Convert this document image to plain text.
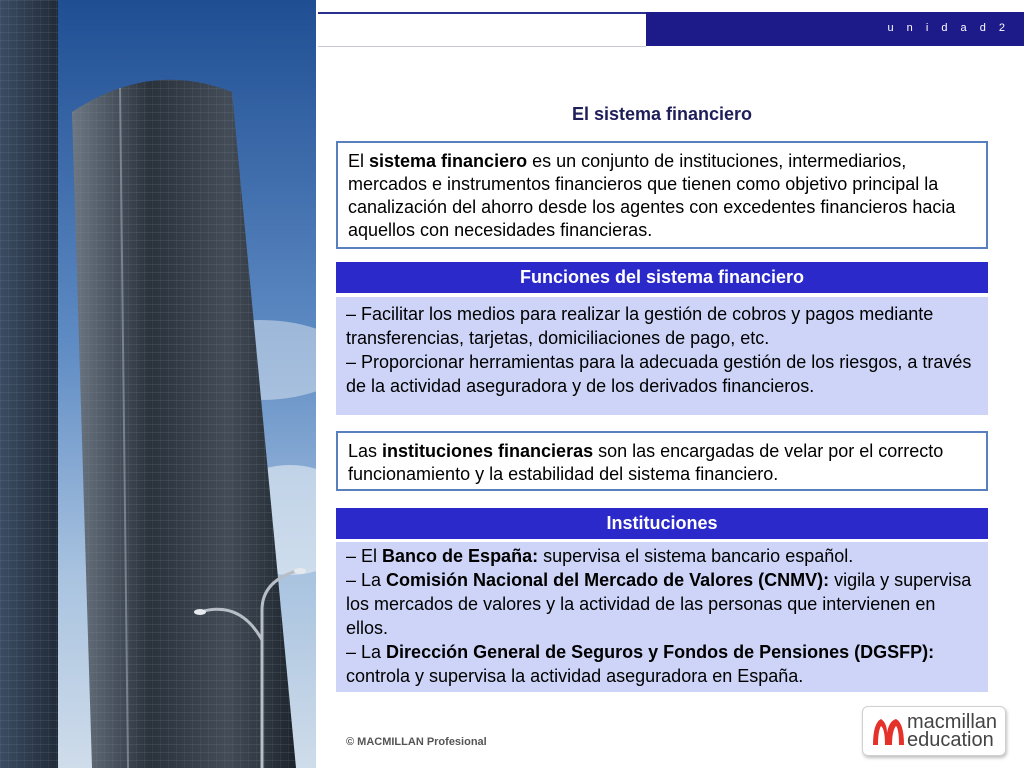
u n i d a d 2
El sistema financiero
El sistema financiero es un conjunto de instituciones, intermediarios, mercados e instrumentos financieros que tienen como objetivo principal la canalización del ahorro desde los agentes con excedentes financieros hacia aquellos con necesidades financieras.
Funciones del sistema financiero
– Facilitar los medios para realizar la gestión de cobros y pagos mediante transferencias, tarjetas, domiciliaciones de pago, etc.
– Proporcionar herramientas para la adecuada gestión de los riesgos, a través de la actividad aseguradora y de los derivados financieros.
Las instituciones financieras son las encargadas de velar por el correcto funcionamiento y la estabilidad del sistema financiero.
Instituciones
– El Banco de España: supervisa el sistema bancario español.
– La Comisión Nacional del Mercado de Valores (CNMV): vigila y supervisa los mercados de valores y la actividad de las personas que intervienen en ellos.
– La Dirección General de Seguros y Fondos de Pensiones (DGSFP): controla y supervisa la actividad aseguradora en España.
© MACMILLAN Profesional
macmillan
education
